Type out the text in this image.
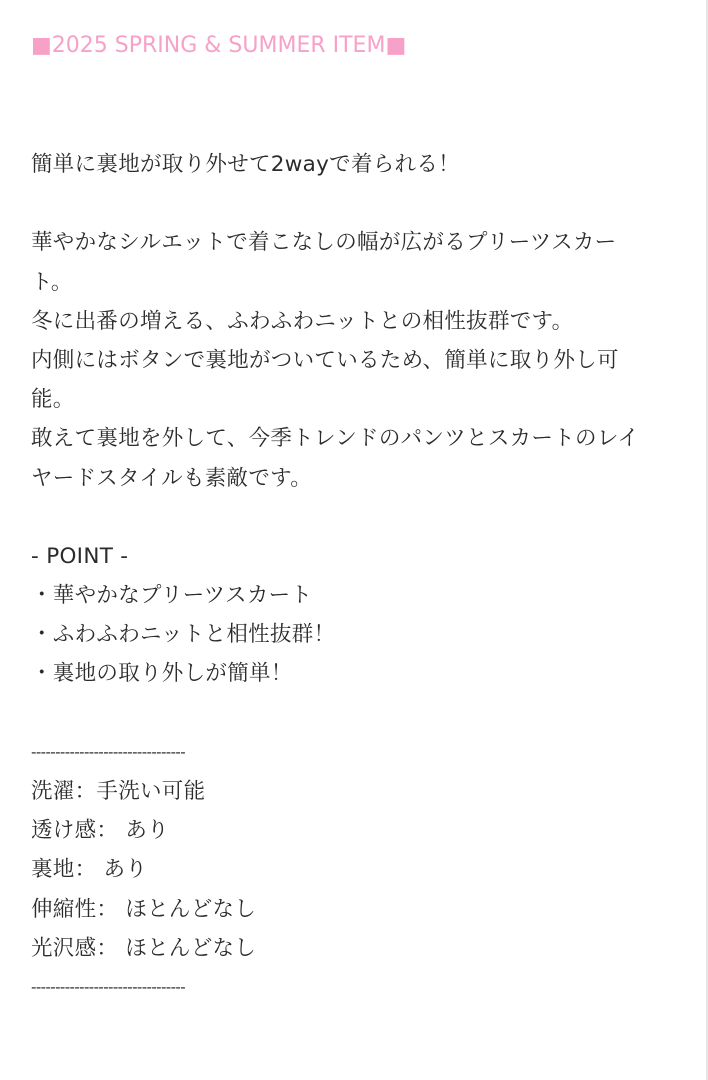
■2025 SPRING & SUMMER ITEM■
簡単に裏地が取り外せて2wayで着られる！
華やかなシルエットで着こなしの幅が広がるプリーツスカー
ト。
冬に出番の増える、ふわふわニットとの相性抜群です。
内側にはボタンで裏地がついているため、簡単に取り外し可
能。
敢えて裏地を外して、今季トレンドのパンツとスカートのレイ
ヤードスタイルも素敵です。
- POINT -
・華やかなプリーツスカート
・ふわふわニットと相性抜群！
・裏地の取り外しが簡単！
--------------------------------
洗濯：手洗い可能
透け感： あり
裏地： あり
伸縮性： ほとんどなし
光沢感： ほとんどなし
--------------------------------
